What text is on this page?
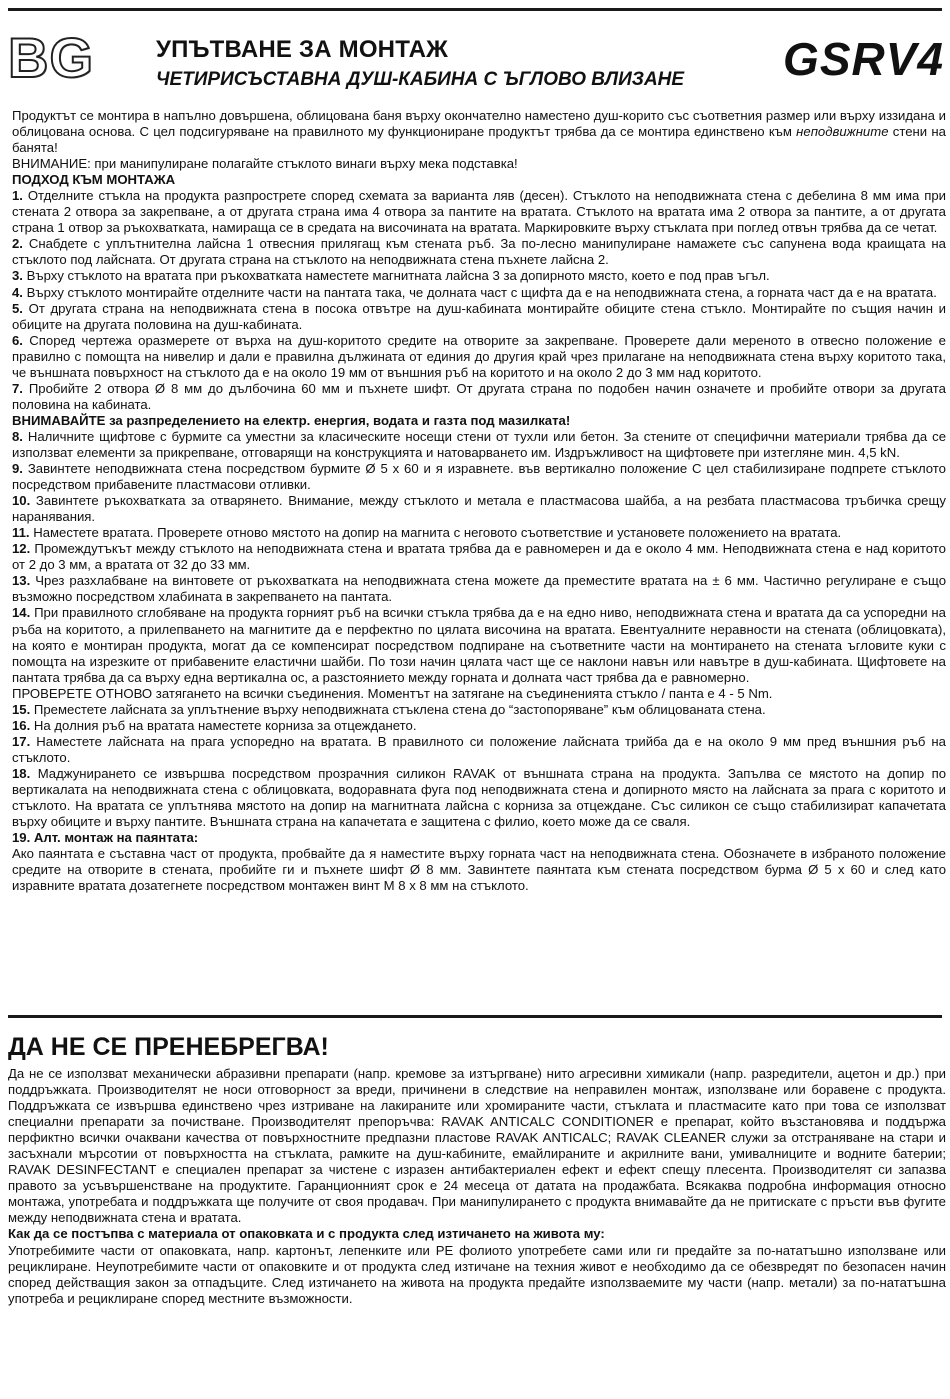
BG	УПЪТВАНЕ ЗА МОНТАЖ
ЧЕТИРИСЪСТАВНА ДУШ-КАБИНА С ЪГЛОВО ВЛИЗАНЕ GSRV4

Продуктът се монтира в напълно довършена, облицована баня върху окончателно наместено душ-корито със съответния размер или върху иззидана и облицована основа. С цел подсигуряване на правилното му функциониране продуктът трябва да се монтира единствено към неподвижните стени на банята!

ВНИМАНИЕ: при манипулиране полагайте стъклото винаги върху мека подставка!

ПОДХОД КЪМ МОНТАЖА

1. Отделните стъкла на продукта разпрострете според схемата за варианта ляв (десен). Стъклото на неподвижната стена с дебелина 8 мм има при стената 2 отвора за закрепване, а от другата страна има 4 отвора за пантите на вратата. Стъклото на вратата има 2 отвора за пантите, а от другата страна 1 отвор за ръкохватката, намираща се в средата на височината на вратата. Маркировките върху стъклата при поглед отвън трябва да се четат.

2. Снабдете с уплътнителна лайсна 1 отвесния прилягащ към стената ръб. За по-лесно манипулиране намажете със сапунена вода краищата на стъклото под лайсната. От другата страна на стъклото на неподвижната стена пъхнете лайсна 2.

3. Върху стъклото на вратата при ръкохватката наместете магнитната лайсна 3 за допирното място, което е под прав ъгъл.

4. Върху стъклото монтирайте отделните части на пантата така, че долната част с щифта да е на неподвижната стена, а горната част да е на вратата.

5. От другата страна на неподвижната стена в посока отвътре на душ-кабината монтирайте обиците стена стъкло. Монтирайте по същия начин и обиците на другата половина на душ-кабината.

6. Според чертежа оразмерете от върха на душ-коритото средите на отворите за закрепване. Проверете дали мереното в отвесно положение е правилно с помощта на нивелир и дали е правилна дължината от единия до другия край чрез прилагане на неподвижната стена върху коритото така, че външната повърхност на стъклото да е на около 19 мм от външния ръб на коритото и на около 2 до 3 мм над коритото.

7. Пробийте 2 отвора Ø 8 мм до дълбочина 60 мм и пъхнете шифт. От другата страна по подобен начин означете и пробийте отвори за другата половина на кабината.

ВНИМАВАЙТЕ за разпределението на електр. енергия, водата и газта под мазилката!

8. Наличните щифтове с бурмите са уместни за класическите носещи стени от тухли или бетон. За стените от специфични материали трябва да се използват елементи за прикрепване, отговарящи на конструкцията и натоварването им. Издръжливост на щифтовете при изтегляне мин. 4,5 kN.

9. Завинтете неподвижната стена посредством бурмите Ø 5 x 60 и я изравнете. във вертикално положение С цел стабилизиране подпрете стъклото посредством прибавените пластмасови отливки.

10. Завинтете ръкохватката за отварянето. Внимание, между стъклото и метала е пластмасова шайба, а на резбата пластмасова тръбичка срещу наранявания.

11. Наместете вратата. Проверете отново мястото на допир на магнита с неговото съответствие и установете положението на вратата.

12. Промеждутъкът между стъклото на неподвижната стена и вратата трябва да е равномерен и да е около 4 мм. Неподвижната стена е над коритото от 2 до 3 мм, а вратата от 32 до 33 мм.

13. Чрез разхлабване на винтовете от ръкохватката на неподвижната стена можете да преместите вратата на ± 6 мм. Частично регулиране е също възможно посредством хлабината в закрепването на пантата.

14. При правилното сглобяване на продукта горният ръб на всички стъкла трябва да е на едно ниво, неподвижната стена и вратата да са успоредни на ръба на коритото, а прилепването на магнитите да е перфектно по цялата височина на вратата. Евентуалните неравности на стената (облицовката), на която е монтиран продукта, могат да се компенсират посредством подпиране на съответните части на монтирането на стената ъгловите куки с помощта на изрезките от прибавените еластични шайби. По този начин цялата част ще се наклони навън или навътре в душ-кабината. Щифтовете на пантата трябва да са върху една вертикална ос, а разстоянието между горната и долната част трябва да е равномерно.

ПРОВЕРЕТЕ ОТНОВО затягането на всички съединения. Моментът на затягане на съединенията стъкло / панта е 4 - 5 Nm.

15. Преместете лайсната за уплътнение върху неподвижната стъклена стена до “застопоряване” към облицованата стена.

16. На долния ръб на вратата наместете корниза за отцеждането.

17. Наместете лайсната на прага успоредно на вратата. В правилното си положение лайсната трийба да е на около 9 мм пред външния ръб на стъклото.

18. Маджунирането се извършва посредством прозрачния силикон RAVAK от външната страна на продукта. Запълва се мястото на допир по вертикалата на неподвижната стена с облицовката, водоравната фуга под неподвижната стена и допирното място на лайсната за прага с коритото и стъклото. На вратата се уплътнява мястото на допир на магнитната лайсна с корниза за отцеждане. Със силикон се също стабилизират капачетата върху обиците и върху пантите. Външната страна на капачетата е защитена с филио, което може да се сваля.

19. Алт. монтаж на паянтата:

Ако паянтата е съставна част от продукта, пробвайте да я наместите върху горната част на неподвижната стена. Обозначете в избраното положение средите на отворите в стената, пробийте ги и пъхнете шифт Ø 8 мм. Завинтете паянтата към стената посредством бурма Ø 5 x 60 и след като изравните вратата дозатегнете посредством монтажен винт М 8 x 8 мм на стъклото.

ДА НЕ СЕ ПРЕНЕБРЕГВА!

Да не се използват механически абразивни препарати (напр. кремове за изтъргване) нито агресивни химикали (напр. разредители, ацетон и др.) при поддръжката. Производителят не носи отговорност за вреди, причинени в следствие на неправилен монтаж, използване или боравене с продукта. Поддръжката се извършва единствено чрез изтриване на лакираните или хромираните части, стъклата и пластмасите като при това се използват специални препарати за почистване. Производителят препоръчва: RAVAK ANTICALC CONDITIONER е препарат, който възстановява и поддържа перфиктно всички очаквани качества от повърхностните предпазни пластове RAVAK ANTICALC; RAVAK CLEANER служи за отстраняване на стари и засъхнали мърсотии от повърхността на стъклата, рамките на душ-кабините, емайлираните и акрилните вани, умивалниците и водните батерии; RAVAK DESINFECTANT е специален препарат за чистене с изразен антибактериален ефект и ефект спещу плесента. Производителят си запазва правото за усъвършенстване на продуктите. Гаранционният срок е 24 месеца от датата на продажбата. Всякаква подробна информация относно монтажа, употребата и поддръжката ще получите от своя продавач. При манипулирането с продукта внимавайте да не притискате с пръсти във фугите между неподвижната стена и вратата.

Как да се постъпва с материала от опаковката и с продукта след изтичането на живота му:

Употребимите части от опаковката, напр. картонът, лепенките или PE фолиото употребете сами или ги предайте за по-нататъшно използване или рециклиране. Неупотребимите части от опаковките и от продукта след изтичане на техния живот е необходимо да се обезвредят по безопасен начин според действащия закон за отпадъците. След изтичането на живота на продукта предайте използваемите му части (напр. метали) за по-нататъшна употреба и рециклиране според местните възможности.
